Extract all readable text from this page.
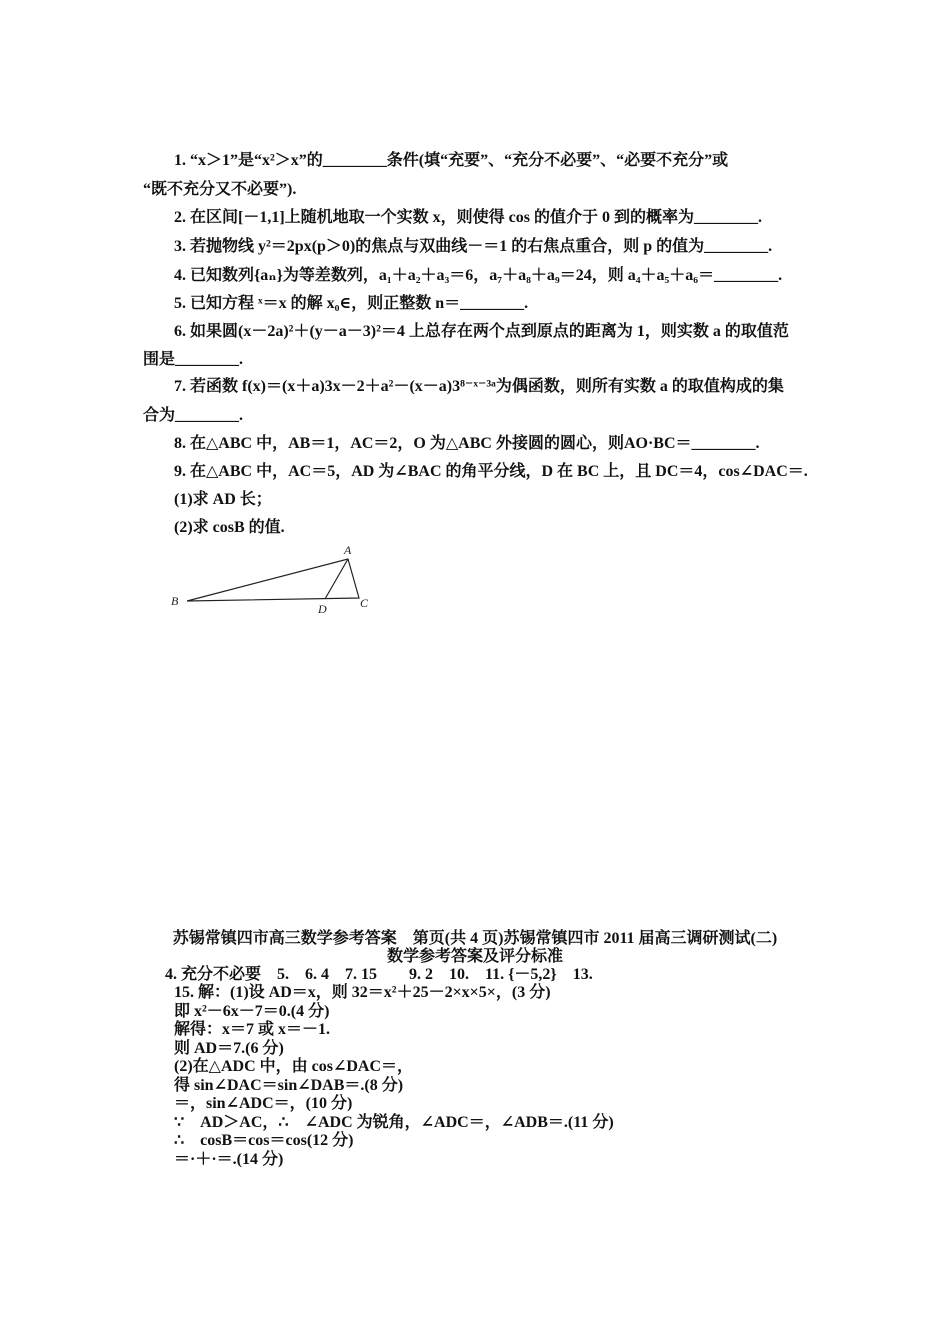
1. “x＞1”是“x²＞x”的________条件(填“充要”、“充分不必要”、“必要不充分”或
“既不充分又不必要”).
2. 在区间[－1,1]上随机地取一个实数 x，则使得 cos 的值介于 0 到的概率为________.
3. 若抛物线 y²＝2px(p＞0)的焦点与双曲线－＝1 的右焦点重合，则 p 的值为________.
4. 已知数列{aₙ}为等差数列，a₁＋a₂＋a₃＝6，a₇＋a₈＋a₉＝24，则 a₄＋a₅＋a₆＝________.
5. 已知方程 ˣ＝x 的解 x₀∈，则正整数 n＝________.
6. 如果圆(x－2a)²＋(y－a－3)²＝4 上总存在两个点到原点的距离为 1，则实数 a 的取值范
围是________.
7. 若函数 f(x)＝(x＋a)3x－2＋a²－(x－a)3⁸⁻ˣ⁻³ᵃ为偶函数，则所有实数 a 的取值构成的集
合为________.
8. 在△ABC 中，AB＝1，AC＝2，O 为△ABC 外接圆的圆心，则AO·BC＝________.
9. 在△ABC 中，AC＝5，AD 为∠BAC 的角平分线，D 在 BC 上，且 DC＝4，cos∠DAC＝.
(1)求 AD 长；
(2)求 cosB 的值.
A
B	C
D
苏锡常镇四市高三数学参考答案　第页(共 4 页)苏锡常镇四市 2011 届高三调研测试(二)
数学参考答案及评分标准
4. 充分不必要　5.　6. 4　7. 15　　9. 2　10.　11. {－5,2}　13.
15. 解：(1)设 AD＝x，则 32＝x²＋25－2×x×5×，(3 分)
即 x²－6x－7＝0.(4 分)
解得：x＝7 或 x＝－1.
则 AD＝7.(6 分)
(2)在△ADC 中，由 cos∠DAC＝，
得 sin∠DAC＝sin∠DAB＝.(8 分)
＝，sin∠ADC＝，(10 分)
∵　AD＞AC，∴　∠ADC 为锐角，∠ADC＝，∠ADB＝.(11 分)
∴　cosB＝cos＝cos(12 分)
＝·＋·＝.(14 分)
